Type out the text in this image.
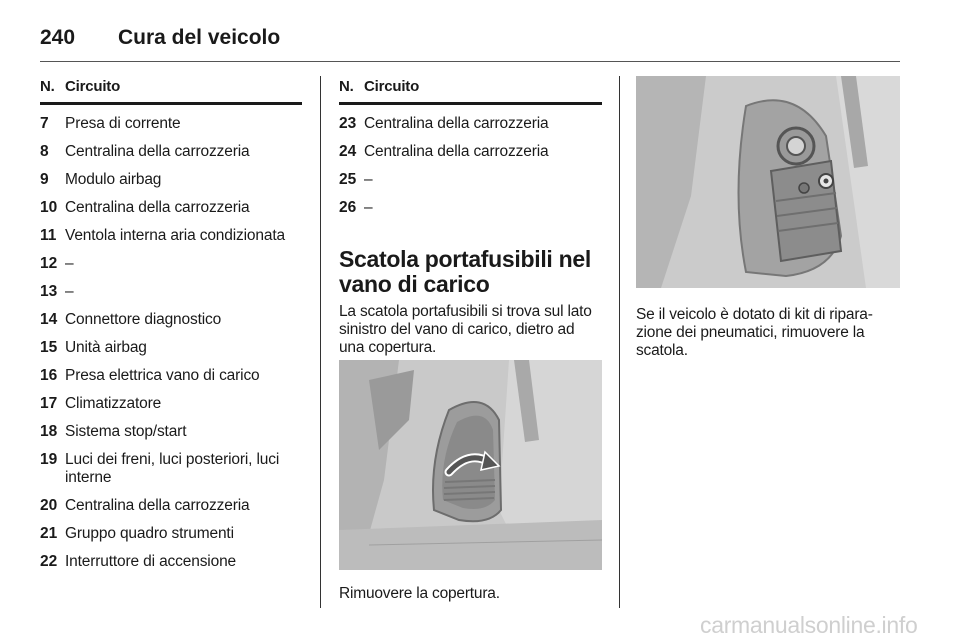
240	Cura del veicolo
N. Circuito
7	Presa di corrente
8	Centralina della carrozzeria
9	Modulo airbag
10 Centralina della carrozzeria
11 Ventola interna aria condizionata
12 –
13 –
14 Connettore diagnostico
15 Unità airbag
16 Presa elettrica vano di carico
17 Climatizzatore
18 Sistema stop/start
19 Luci dei freni, luci posteriori, luci interne
20 Centralina della carrozzeria
21 Gruppo quadro strumenti
22 Interruttore di accensione
N. Circuito
23 Centralina della carrozzeria
24 Centralina della carrozzeria
25 –
26 –
Scatola portafusibili nel vano di carico
La scatola portafusibili si trova sul lato sinistro del vano di carico, dietro ad una copertura.
Rimuovere la copertura.
Se il veicolo è dotato di kit di ripara-zione dei pneumatici, rimuovere la scatola.
carmanualsonline.info
